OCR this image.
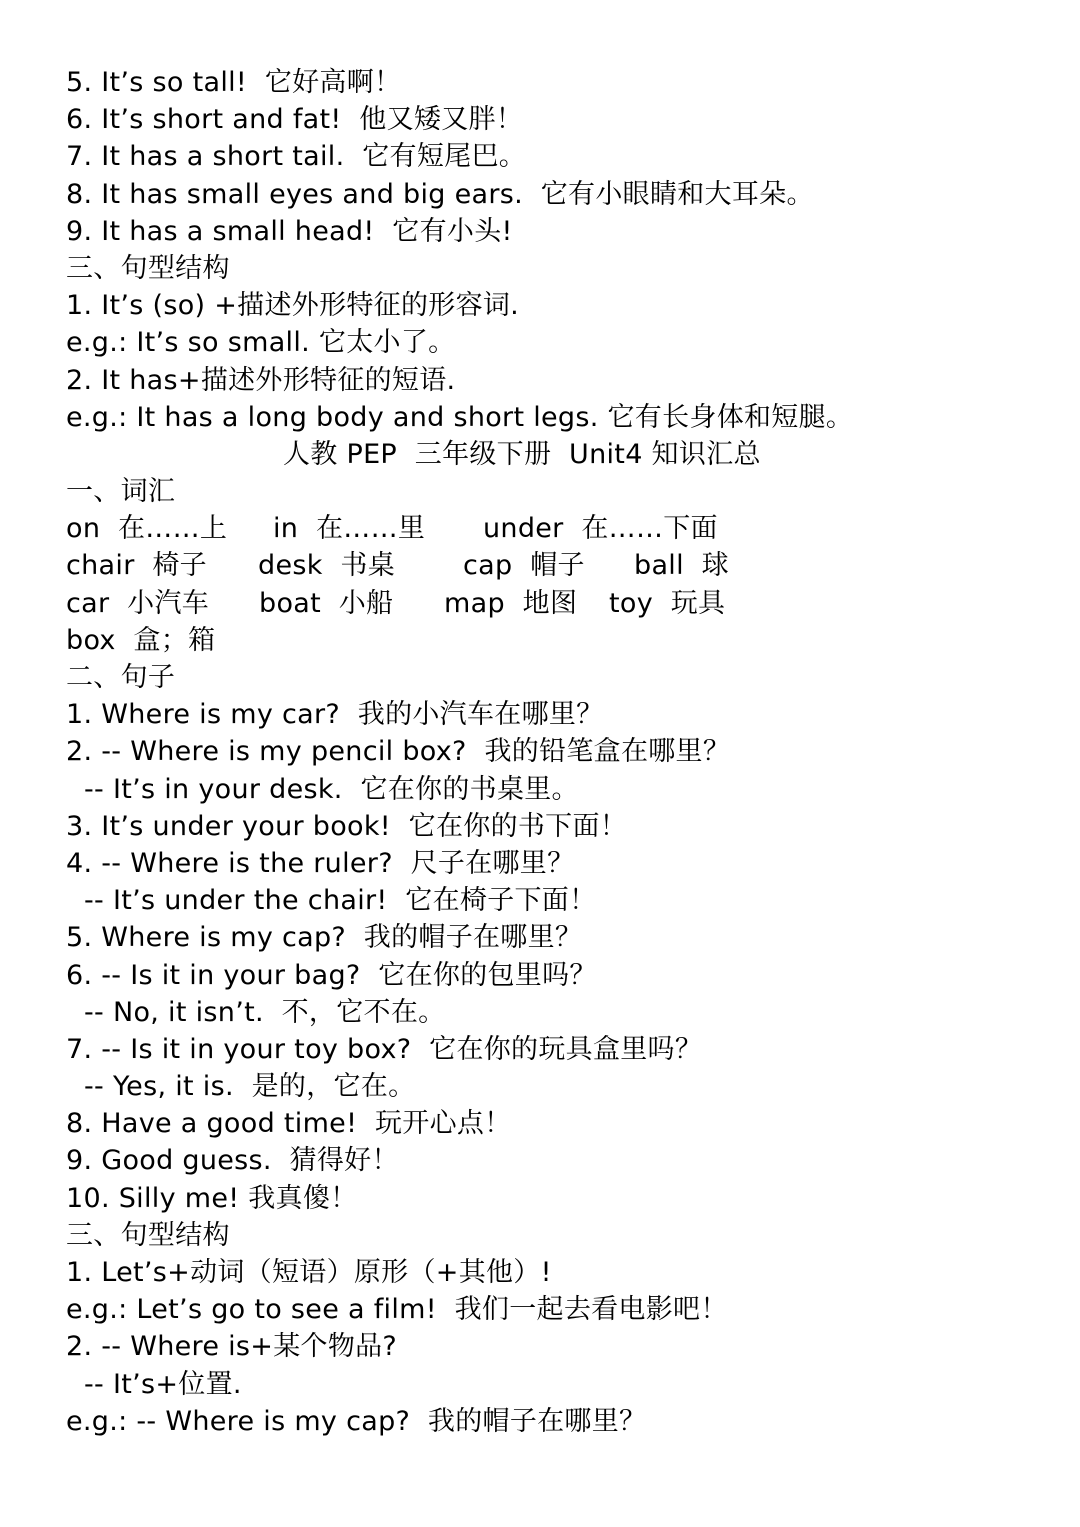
5. It’s so tall!  它好高啊！
6. It’s short and fat!  他又矮又胖！
7. It has a short tail.  它有短尾巴。
8. It has small eyes and big ears.  它有小眼睛和大耳朵。
9. It has a small head!  它有小头!
三、句型结构
1. It’s (so) +描述外形特征的形容词.
e.g.: It’s so small. 它太小了。
2. It has+描述外形特征的短语.
e.g.: It has a long body and short legs. 它有长身体和短腿。
人教 PEP  三年级下册  Unit4 知识汇总
一、词汇

on  在……上

in  在……里

under  在……下面

chair  椅子

desk  书桌

	cap  帽子

ball  球

car  小汽车

boat  小船

map  地图

toy  玩具

box  盒；箱

二、句子
1. Where is my car?  我的小汽车在哪里？
2. -- Where is my pencil box?  我的铅笔盒在哪里？
-- It’s in your desk.  它在你的书桌里。
3. It’s under your book!  它在你的书下面！
4. -- Where is the ruler?  尺子在哪里？
-- It’s under the chair!  它在椅子下面！
5. Where is my cap?  我的帽子在哪里？
6. -- Is it in your bag?  它在你的包里吗？
-- No, it isn’t.  不，它不在。
7. -- Is it in your toy box?  它在你的玩具盒里吗？
-- Yes, it is.  是的，它在。
8. Have a good time!  玩开心点！
9. Good guess.  猜得好！
10. Silly me! 我真傻！
三、句型结构
1. Let’s+动词（短语）原形（+其他）!
e.g.: Let’s go to see a film!  我们一起去看电影吧！
2. -- Where is+某个物品?
-- It’s+位置.
e.g.: -- Where is my cap?  我的帽子在哪里？
